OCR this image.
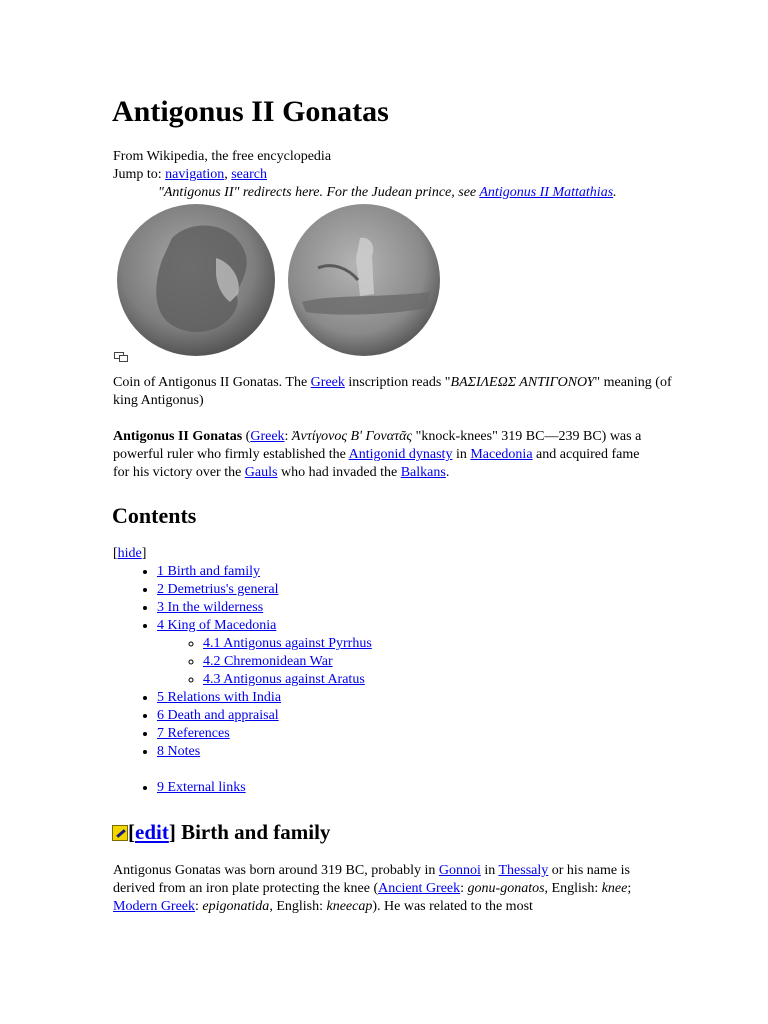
Antigonus II Gonatas
From Wikipedia, the free encyclopedia
Jump to: navigation, search
"Antigonus II" redirects here. For the Judean prince, see Antigonus II Mattathias.
Coin of Antigonus II Gonatas. The Greek inscription reads "ΒΑΣΙΛΕΩΣ ΑΝΤΙΓΟΝΟΥ" meaning (of king Antigonus)
Antigonus II Gonatas (Greek: Ἀντίγονος Βʹ Γονατᾶς "knock-knees" 319 BC—239 BC) was a powerful ruler who firmly established the Antigonid dynasty in Macedonia and acquired fame for his victory over the Gauls who had invaded the Balkans.
Contents
[hide]
• 1 Birth and family
• 2 Demetrius's general
• 3 In the wilderness
• 4 King of Macedonia
◦ 4.1 Antigonus against Pyrrhus
◦ 4.2 Chremonidean War
◦ 4.3 Antigonus against Aratus
• 5 Relations with India
• 6 Death and appraisal
• 7 References
• 8 Notes
• 9 External links
[edit] Birth and family
Antigonus Gonatas was born around 319 BC, probably in Gonnoi in Thessaly or his name is derived from an iron plate protecting the knee (Ancient Greek: gonu-gonatos, English: knee; Modern Greek: epigonatida, English: kneecap). He was related to the most
